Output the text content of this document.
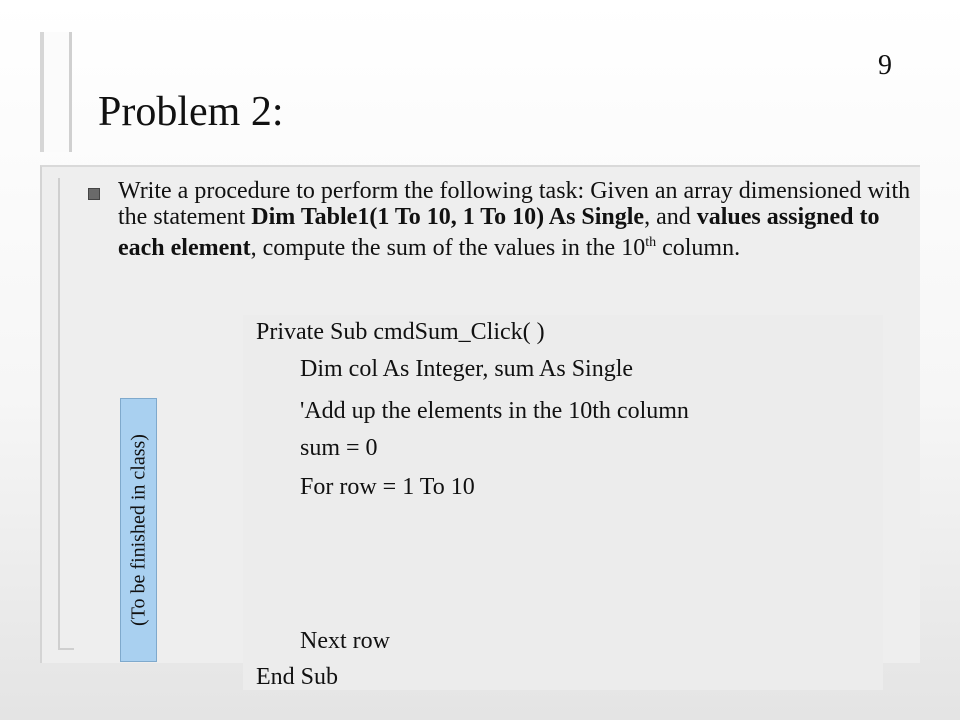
9
Problem 2:
Write a procedure to perform the following task: Given an array dimensioned with the statement Dim Table1(1 To 10, 1 To 10) As Single, and values assigned to each element, compute the sum of the values in the 10th column.
Private Sub cmdSum_Click( )
Dim col As Integer, sum As Single
'Add up the elements in the 10th column
sum = 0
For row = 1 To 10
Next row
End Sub
(To be finished in class)
